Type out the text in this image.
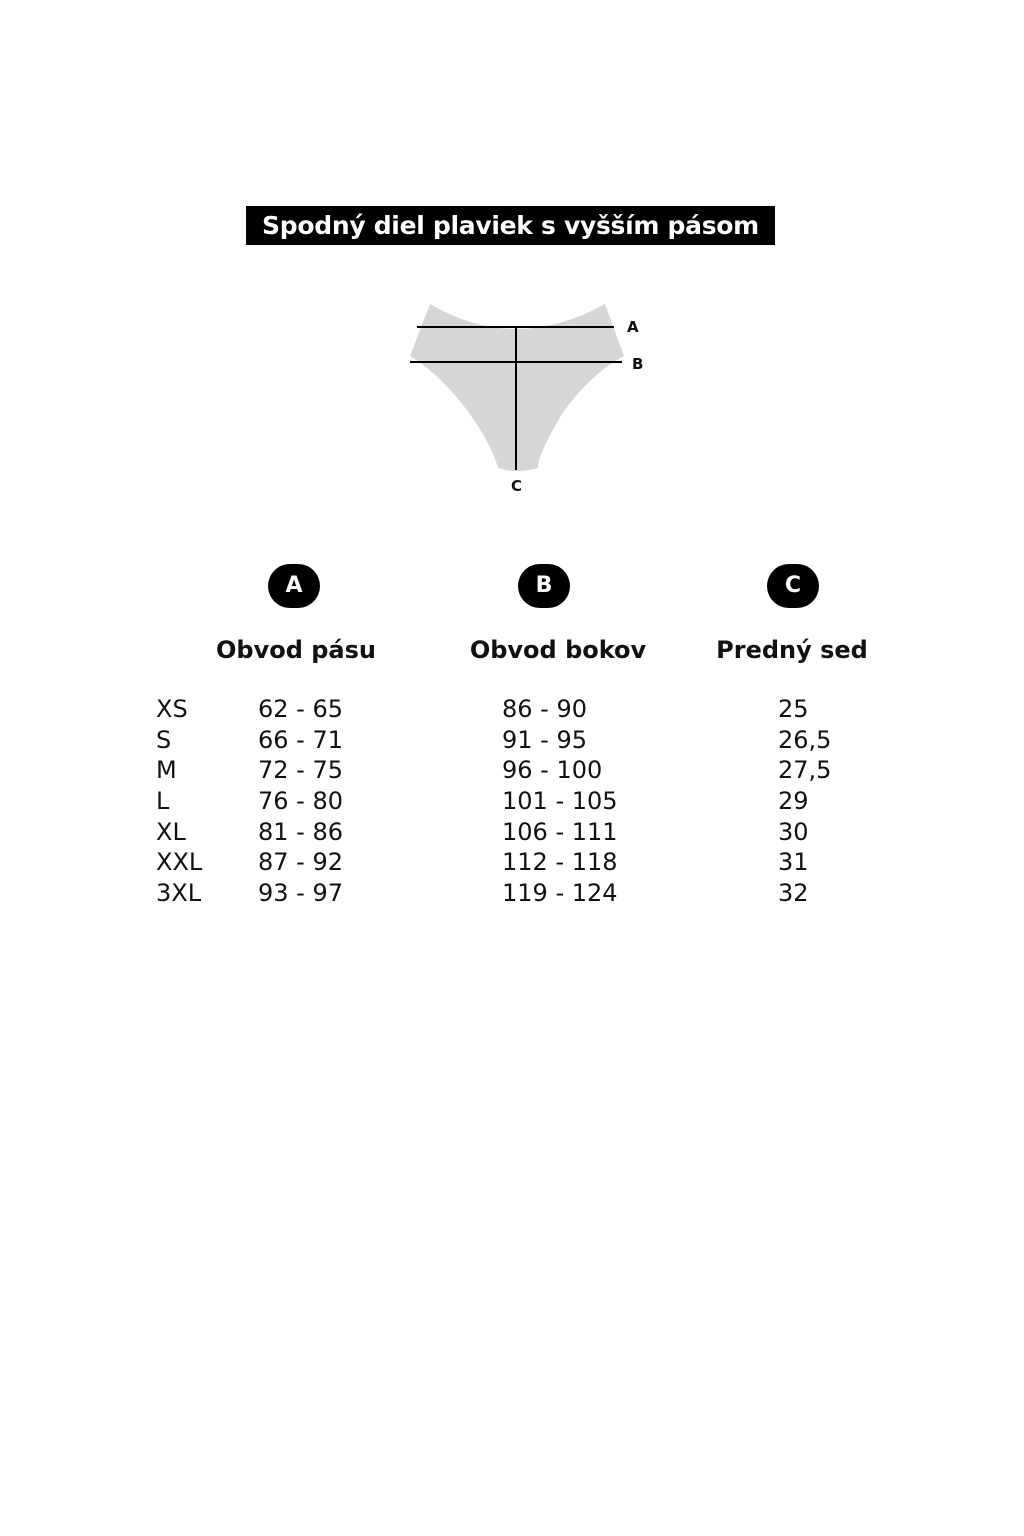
Spodný diel plaviek s vyšším pásom
A
B
C
A	B	C
Obvod pásu	Obvod bokov	Predný sed
XS	62 - 65	86 - 90	25
S	66 - 71	91 - 95	26,5
M	72 - 75	96 - 100	27,5
L	76 - 80	101 - 105	29
XL	81 - 86	106 - 111	30
XXL 87 - 92	112 - 118	31
3XL 93 - 97	119 - 124	32
